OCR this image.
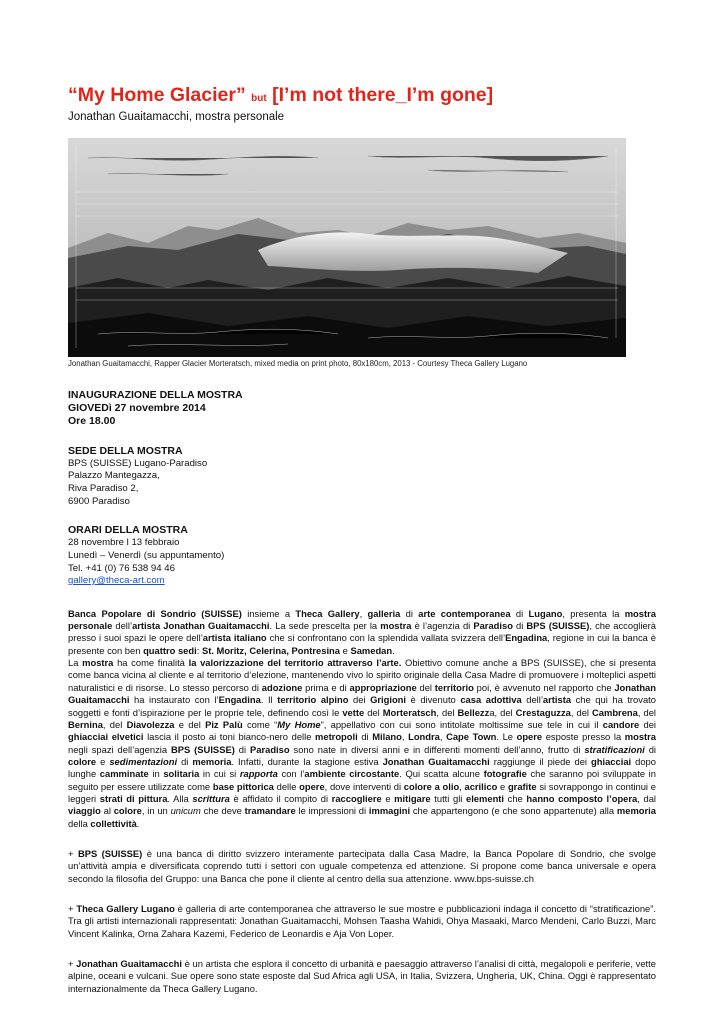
“My Home Glacier” but [I’m not there_I’m gone]

Jonathan Guaitamacchi, mostra personale

Jonathan Guaitamacchi, Rapper Glacier Morteratsch, mixed media on print photo, 80x180cm, 2013 - Courtesy Theca Gallery Lugano

INAUGURAZIONE DELLA MOSTRA

GIOVEDì 27 novembre 2014

Ore 18.00

SEDE DELLA MOSTRA

BPS (SUISSE) Lugano-Paradiso

Palazzo Mantegazza,

Riva Paradiso 2,

6900 Paradiso

ORARI DELLA MOSTRA

28 novembre l 13 febbraio

Lunedì – Venerdì (su appuntamento)

Tel. +41 (0) 76 538 94 46

gallery@theca-art.com

Banca Popolare di Sondrio (SUISSE) insieme a Theca Gallery, galleria di arte contemporanea di Lugano, presenta la mostra personale dell’artista Jonathan Guaitamacchi. La sede prescelta per la mostra è l’agenzia di Paradiso di BPS (SUISSE), che accoglierà presso i suoi spazi le opere dell’artista italiano che si confrontano con la splendida vallata svizzera dell’Engadina, regione in cui la banca è presente con ben quattro sedi: St. Moritz, Celerina, Pontresina e Samedan.

La mostra ha come finalità la valorizzazione del territorio attraverso l’arte. Obiettivo comune anche a BPS (SUISSE), che si presenta come banca vicina al cliente e al territorio d’elezione, mantenendo vivo lo spirito originale della Casa Madre di promuovere i molteplici aspetti naturalistici e di risorse. Lo stesso percorso di adozione prima e di appropriazione del territorio poi, è avvenuto nel rapporto che Jonathan Guaitamacchi ha instaurato con l’Engadina. Il territorio alpino dei Grigioni è divenuto casa adottiva dell’artista che qui ha trovato soggetti e fonti d’ispirazione per le proprie tele, definendo così le vette del Morteratsch, del Bellezza, del Crestaguzza, del Cambrena, del Bernina, del Diavolezza e del Piz Palù come “My Home”, appellativo con cui sono intitolate moltissime sue tele in cui il candore dei ghiacciai elvetici lascia il posto ai toni bianco-nero delle metropoli di Milano, Londra, Cape Town. Le opere esposte presso la mostra negli spazi dell’agenzia BPS (SUISSE) di Paradiso sono nate in diversi anni e in differenti momenti dell’anno, frutto di stratificazioni di colore e sedimentazioni di memoria. Infatti, durante la stagione estiva Jonathan Guaitamacchi raggiunge il piede dei ghiacciai dopo lunghe camminate in solitaria in cui si rapporta con l’ambiente circostante. Qui scatta alcune fotografie che saranno poi sviluppate in seguito per essere utilizzate come base pittorica delle opere, dove interventi di colore a olio, acrilico e grafite si sovrappongo in continui e leggeri strati di pittura. Alla scrittura è affidato il compito di raccogliere e mitigare tutti gli elementi che hanno composto l’opera, dal viaggio al colore, in un unicum che deve tramandare le impressioni di immagini che appartengono (e che sono appartenute) alla memoria della collettività.

+ BPS (SUISSE) è una banca di diritto svizzero interamente partecipata dalla Casa Madre, la Banca Popolare di Sondrio, che svolge un’attività ampia e diversificata coprendo tutti i settori con uguale competenza ed attenzione. Si propone come banca universale e opera secondo la filosofia del Gruppo: una Banca che pone il cliente al centro della sua attenzione. www.bps-suisse.ch

+ Theca Gallery Lugano è galleria di arte contemporanea che attraverso le sue mostre e pubblicazioni indaga il concetto di “stratificazione”. Tra gli artisti internazionali rappresentati: Jonathan Guaitamacchi, Mohsen Taasha Wahidi, Ohya Masaaki, Marco Mendeni, Carlo Buzzi, Marc Vincent Kalinka, Orna Zahara Kazemi, Federico de Leonardis e Aja Von Loper.

+ Jonathan Guaitamacchi è un artista che esplora il concetto di urbanità e paesaggio attraverso l’analisi di città, megalopoli e periferie, vette alpine, oceani e vulcani. Sue opere sono state esposte dal Sud Africa agli USA, in Italia, Svizzera, Ungheria, UK, China. Oggi è rappresentato internazionalmente da Theca Gallery Lugano.
